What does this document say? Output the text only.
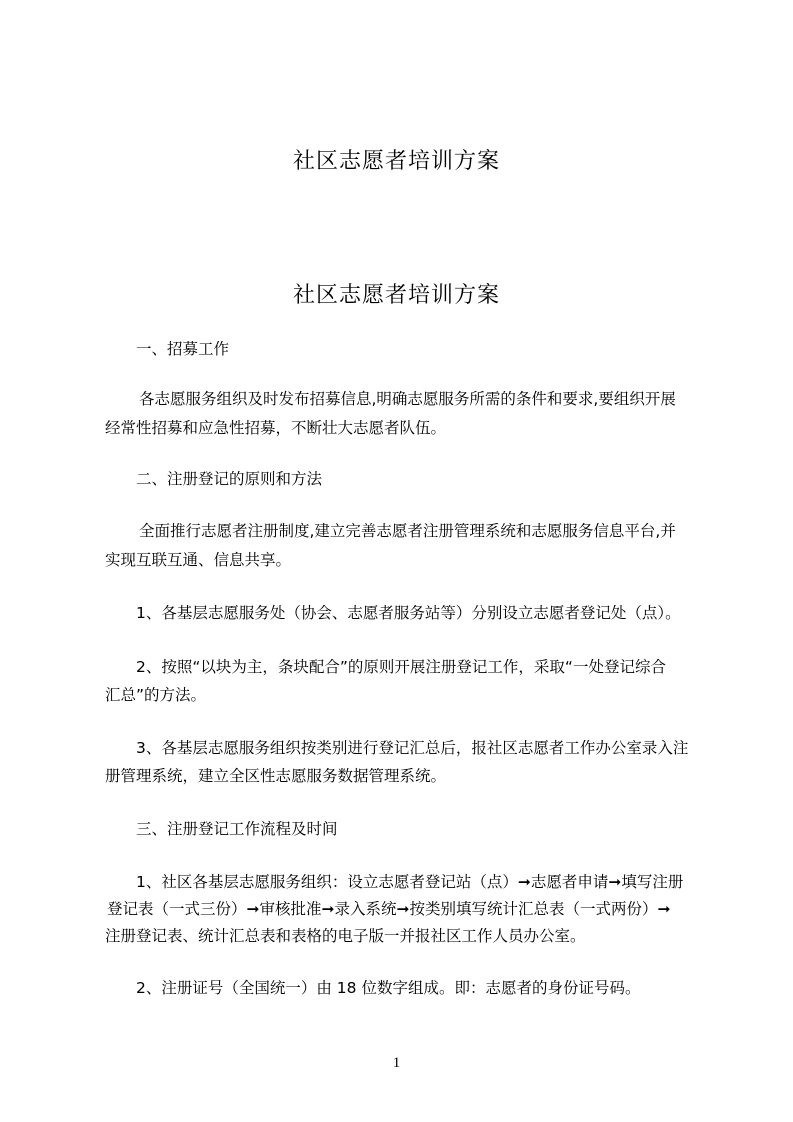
社区志愿者培训方案
社区志愿者培训方案
一、招募工作
各志愿服务组织及时发布招募信息,明确志愿服务所需的条件和要求,要组织开展
经常性招募和应急性招募，不断壮大志愿者队伍。
二、注册登记的原则和方法
全面推行志愿者注册制度,建立完善志愿者注册管理系统和志愿服务信息平台,并
实现互联互通、信息共享。
1、各基层志愿服务处（协会、志愿者服务站等）分别设立志愿者登记处（点）。
2、按照“以块为主，条块配合”的原则开展注册登记工作，采取“一处登记综合
汇总”的方法。
3、各基层志愿服务组织按类别进行登记汇总后，报社区志愿者工作办公室录入注
册管理系统，建立全区性志愿服务数据管理系统。
三、注册登记工作流程及时间
1、社区各基层志愿服务组织：设立志愿者登记站（点）➞志愿者申请➞填写注册
登记表（一式三份）➞审核批准➞录入系统➞按类别填写统计汇总表（一式两份）➞
注册登记表、统计汇总表和表格的电子版一并报社区工作人员办公室。
2、注册证号（全国统一）由 18 位数字组成。即：志愿者的身份证号码。
1
